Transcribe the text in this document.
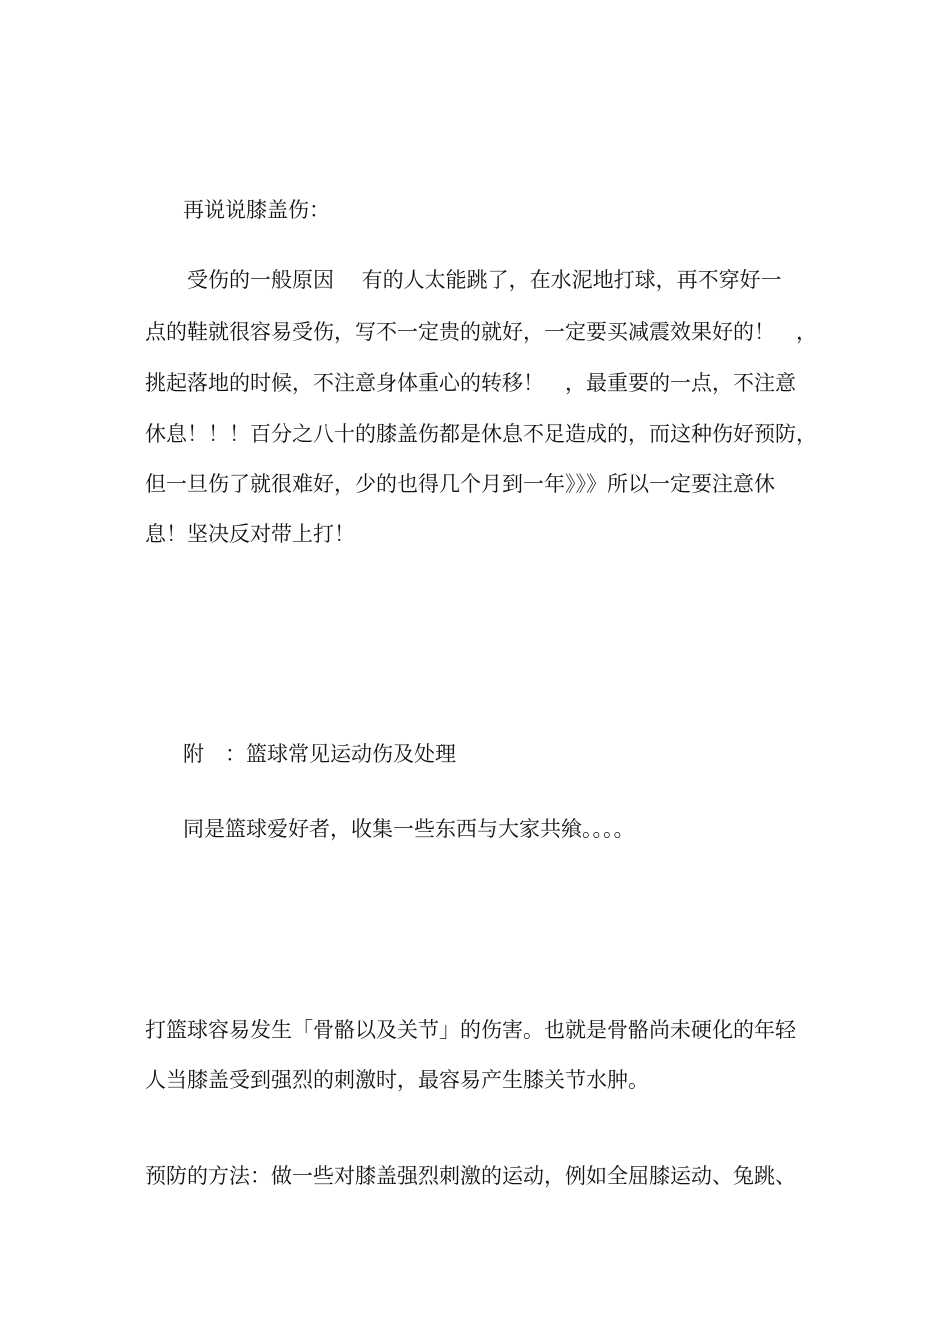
再说说膝盖伤：
受伤的一般原因　 有的人太能跳了，在水泥地打球，再不穿好一
点的鞋就很容易受伤，写不一定贵的就好，一定要买减震效果好的！　，
挑起落地的时候，不注意身体重心的转移！　，最重要的一点，不注意
休息！！！百分之八十的膝盖伤都是休息不足造成的，而这种伤好预防，
但一旦伤了就很难好，少的也得几个月到一年》》》所以一定要注意休
息！坚决反对带上打！
附　：篮球常见运动伤及处理
同是篮球爱好者，收集一些东西与大家共飨。。。。
打篮球容易发生「骨骼以及关节」的伤害。也就是骨骼尚未硬化的年轻
人当膝盖受到强烈的刺激时，最容易产生膝关节水肿。
预防的方法：做一些对膝盖强烈刺激的运动，例如全屈膝运动、兔跳、
